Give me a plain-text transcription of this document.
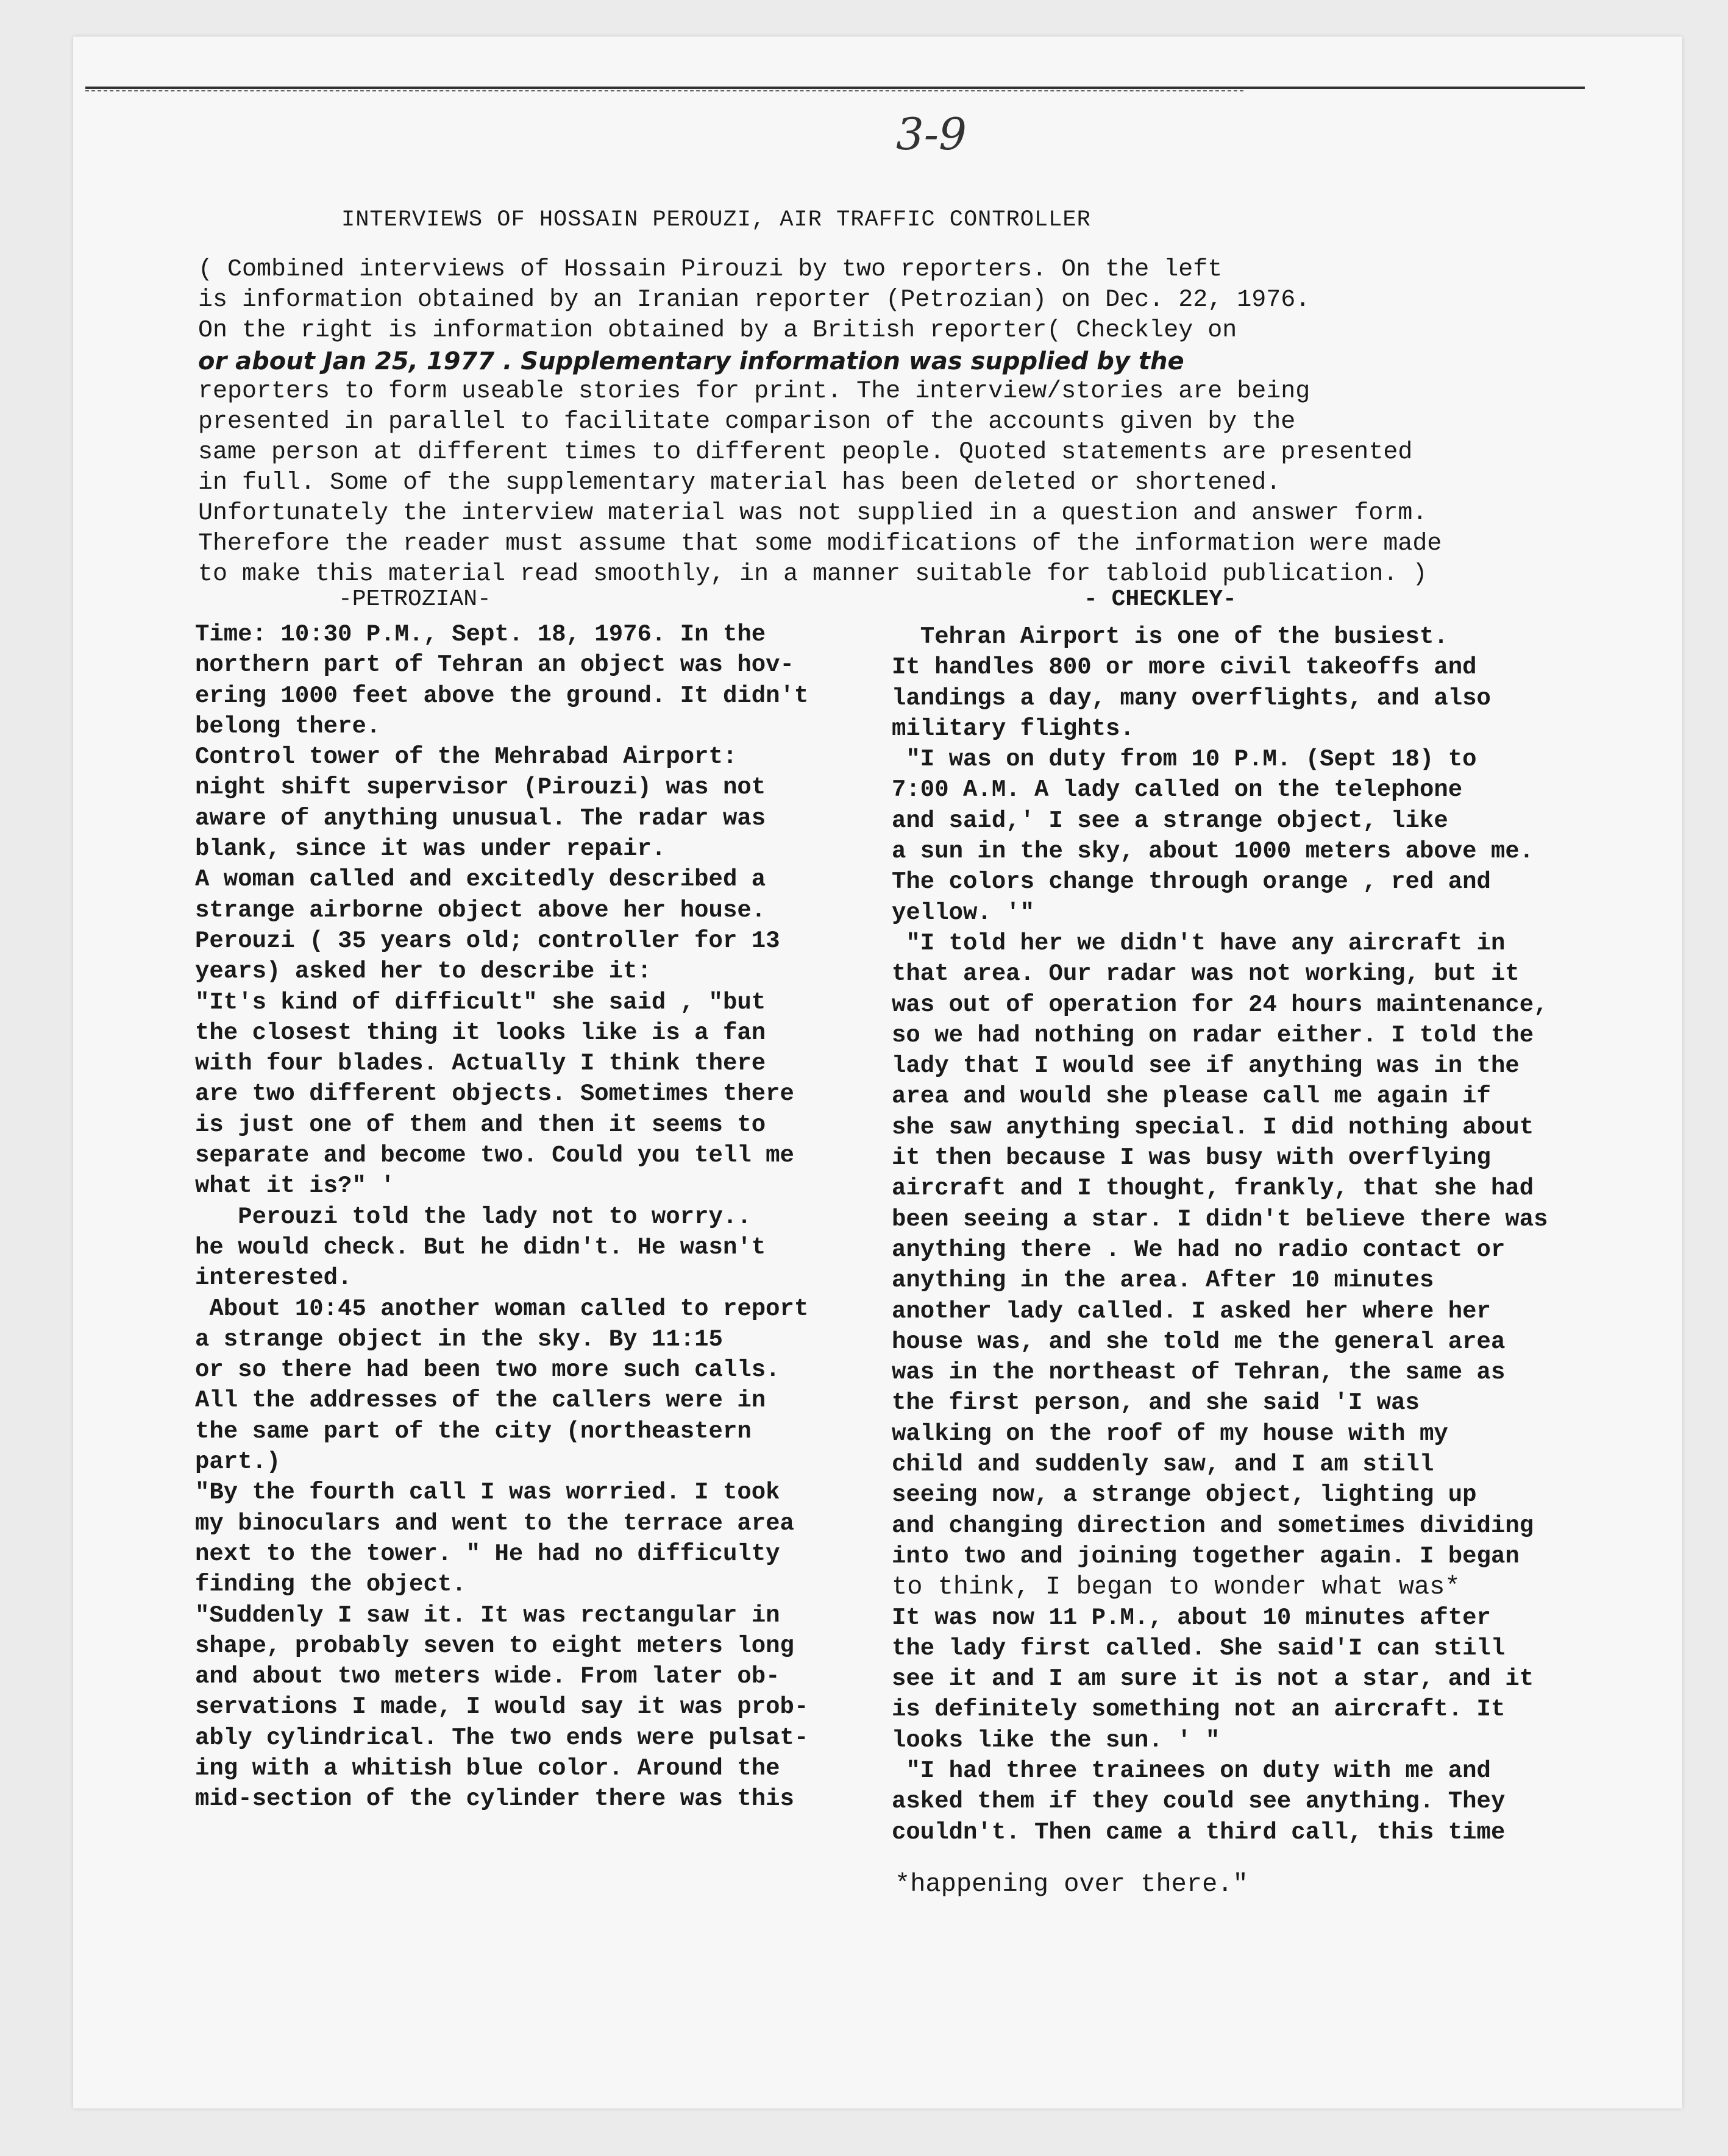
3-9
INTERVIEWS OF HOSSAIN PEROUZI, AIR TRAFFIC CONTROLLER
( Combined interviews of Hossain Pirouzi by two reporters. On the left
is information obtained by an Iranian reporter (Petrozian) on Dec. 22, 1976.
On the right is information obtained by a British reporter( Checkley on
or about Jan 25, 1977 . Supplementary information was supplied by the
reporters to form useable stories for print. The interview/stories are being
presented in parallel to facilitate comparison of the accounts given by the
same person at different times to different people. Quoted statements are presented
in full. Some of the supplementary material has been deleted or shortened.
Unfortunately the interview material was not supplied in a question and answer form.
Therefore the reader must assume that some modifications of the information were made
to make this material read smoothly, in a manner suitable for tabloid publication. )
-PETROZIAN-	- CHECKLEY-
Time: 10:30 P.M., Sept. 18, 1976. In the
northern part of Tehran an object was hov-
ering 1000 feet above the ground. It didn't
belong there.
Control tower of the Mehrabad Airport:
night shift supervisor (Pirouzi) was not
aware of anything unusual. The radar was
blank, since it was under repair.
A woman called and excitedly described a
strange airborne object above her house.
Perouzi ( 35 years old; controller for 13
years) asked her to describe it:
"It's kind of difficult" she said , "but
the closest thing it looks like is a fan
with four blades. Actually I think there
are two different objects. Sometimes there
is just one of them and then it seems to
separate and become two. Could you tell me
what it is?" '
Perouzi told the lady not to worry..
he would check. But he didn't. He wasn't
interested.
About 10:45 another woman called to report
a strange object in the sky. By 11:15
or so there had been two more such calls.
All the addresses of the callers were in
the same part of the city (northeastern
part.)
"By the fourth call I was worried. I took
my binoculars and went to the terrace area
next to the tower. " He had no difficulty
finding the object.
"Suddenly I saw it. It was rectangular in
shape, probably seven to eight meters long
and about two meters wide. From later ob-
servations I made, I would say it was prob-
ably cylindrical. The two ends were pulsat-
ing with a whitish blue color. Around the
mid-section of the cylinder there was this
Tehran Airport is one of the busiest.
It handles 800 or more civil takeoffs and
landings a day, many overflights, and also
military flights.
"I was on duty from 10 P.M. (Sept 18) to
7:00 A.M. A lady called on the telephone
and said,' I see a strange object, like
a sun in the sky, about 1000 meters above me.
The colors change through orange , red and
yellow. '"
"I told her we didn't have any aircraft in
that area. Our radar was not working, but it
was out of operation for 24 hours maintenance,
so we had nothing on radar either. I told the
lady that I would see if anything was in the
area and would she please call me again if
she saw anything special. I did nothing about
it then because I was busy with overflying
aircraft and I thought, frankly, that she had
been seeing a star. I didn't believe there was
anything there . We had no radio contact or
anything in the area. After 10 minutes
another lady called. I asked her where her
house was, and she told me the general area
was in the northeast of Tehran, the same as
the first person, and she said 'I was
walking on the roof of my house with my
child and suddenly saw, and I am still
seeing now, a strange object, lighting up
and changing direction and sometimes dividing
into two and joining together again. I began
to think, I began to wonder what was*
It was now 11 P.M., about 10 minutes after
the lady first called. She said'I can still
see it and I am sure it is not a star, and it
is definitely something not an aircraft. It
looks like the sun. ' "
"I had three trainees on duty with me and
asked them if they could see anything. They
couldn't. Then came a third call, this time
*happening over there."
